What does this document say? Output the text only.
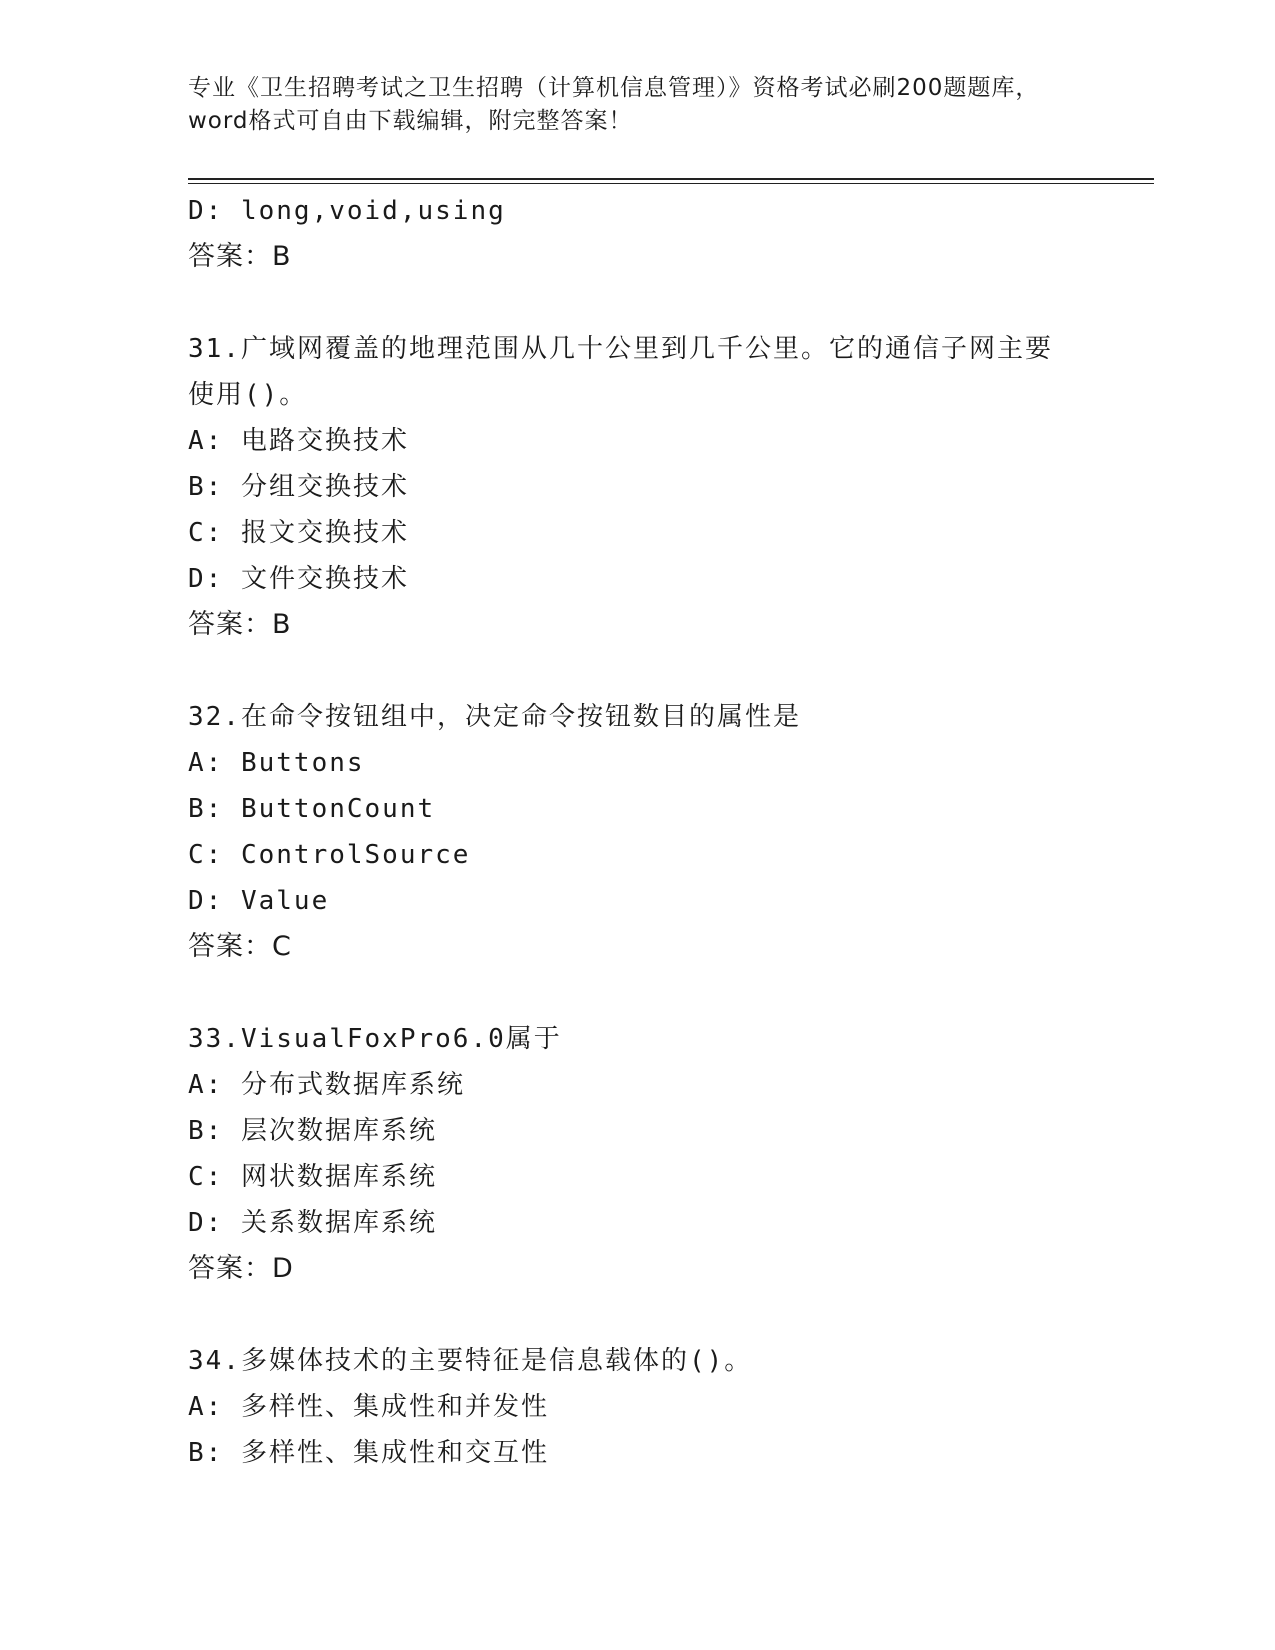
专业《卫生招聘考试之卫生招聘（计算机信息管理）》资格考试必刷200题题库，
word格式可自由下载编辑，附完整答案！
D: long,void,using
答案：B
31.广域网覆盖的地理范围从几十公里到几千公里。它的通信子网主要
使用()。
A: 电路交换技术
B: 分组交换技术
C: 报文交换技术
D: 文件交换技术
答案：B
32.在命令按钮组中，决定命令按钮数目的属性是
A: Buttons
B: ButtonCount
C: ControlSource
D: Value
答案：C
33.VisualFoxPro6.0属于
A: 分布式数据库系统
B: 层次数据库系统
C: 网状数据库系统
D: 关系数据库系统
答案：D
34.多媒体技术的主要特征是信息载体的()。
A: 多样性、集成性和并发性
B: 多样性、集成性和交互性
